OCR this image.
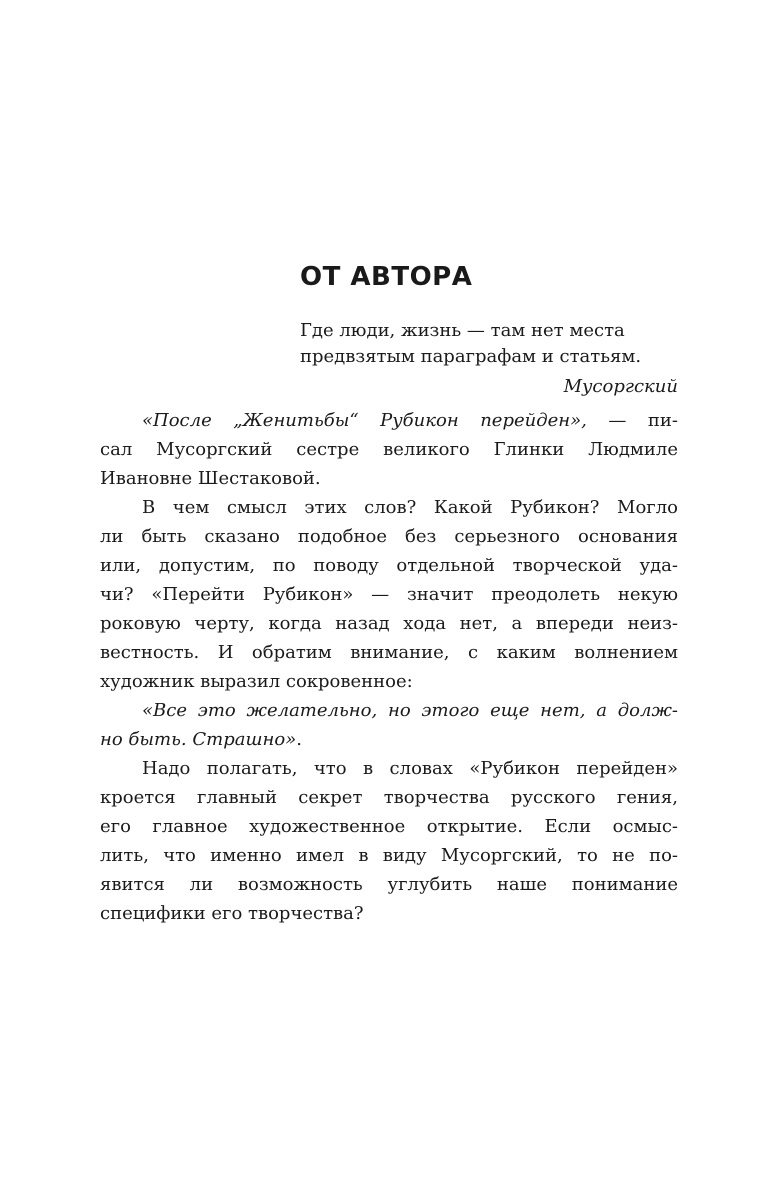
ОТ АВТОРА
Где люди, жизнь — там нет места
предвзятым параграфам и статьям.
Мусоргский
«После „Женитьбы“ Рубикон перейден», — пи-
сал Мусоргский сестре великого Глинки Людмиле
Ивановне Шестаковой.
В чем смысл этих слов? Какой Рубикон? Могло
ли быть сказано подобное без серьезного основания
или, допустим, по поводу отдельной творческой уда-
чи? «Перейти Рубикон» — значит преодолеть некую
роковую черту, когда назад хода нет, а впереди неиз-
вестность. И обратим внимание, с каким волнением
художник выразил сокровенное:
«Все это желательно, но этого еще нет, а долж-
но быть. Страшно».
Надо полагать, что в словах «Рубикон перейден»
кроется главный секрет творчества русского гения,
его главное художественное открытие. Если осмыс-
лить, что именно имел в виду Мусоргский, то не по-
явится ли возможность углубить наше понимание
специфики его творчества?
